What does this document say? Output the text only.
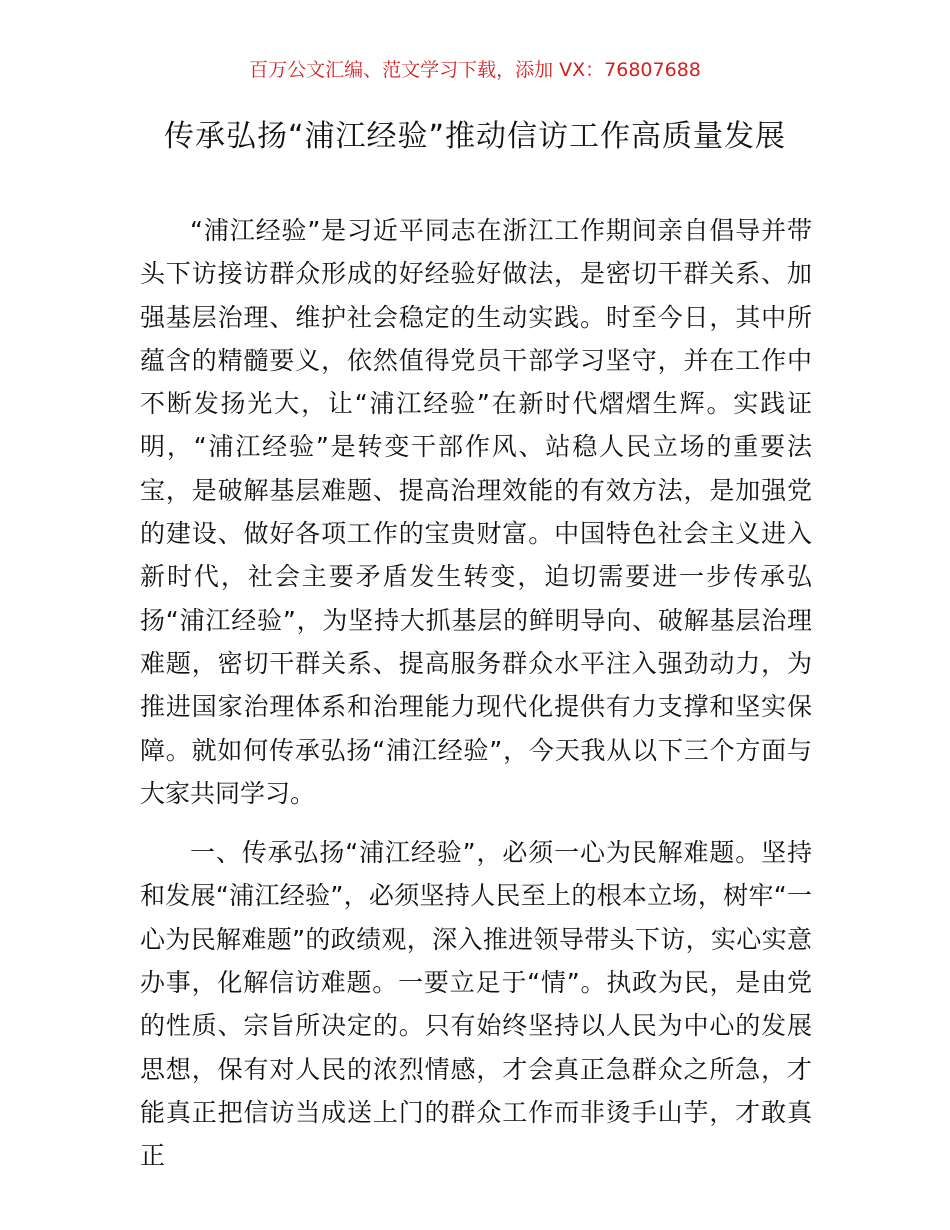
百万公文汇编、范文学习下载，添加 VX：76807688
传承弘扬“浦江经验”推动信访工作高质量发展

“浦江经验”是习近平同志在浙江工作期间亲自倡导并带头下访接访群众形成的好经验好做法，是密切干群关系、加强基层治理、维护社会稳定的生动实践。时至今日，其中所蕴含的精髓要义，依然值得党员干部学习坚守，并在工作中不断发扬光大，让“浦江经验”在新时代熠熠生辉。实践证明，“浦江经验”是转变干部作风、站稳人民立场的重要法宝，是破解基层难题、提高治理效能的有效方法，是加强党的建设、做好各项工作的宝贵财富。中国特色社会主义进入新时代，社会主要矛盾发生转变，迫切需要进一步传承弘扬“浦江经验”，为坚持大抓基层的鲜明导向、破解基层治理难题，密切干群关系、提高服务群众水平注入强劲动力，为推进国家治理体系和治理能力现代化提供有力支撑和坚实保障。就如何传承弘扬“浦江经验”，今天我从以下三个方面与大家共同学习。

一、传承弘扬“浦江经验”，必须一心为民解难题。坚持和发展“浦江经验”，必须坚持人民至上的根本立场，树牢“一心为民解难题”的政绩观，深入推进领导带头下访，实心实意办事，化解信访难题。一要立足于“情”。执政为民，是由党的性质、宗旨所决定的。只有始终坚持以人民为中心的发展思想，保有对人民的浓烈情感，才会真正急群众之所急，才能真正把信访当成送上门的群众工作而非烫手山芋，才敢真正
